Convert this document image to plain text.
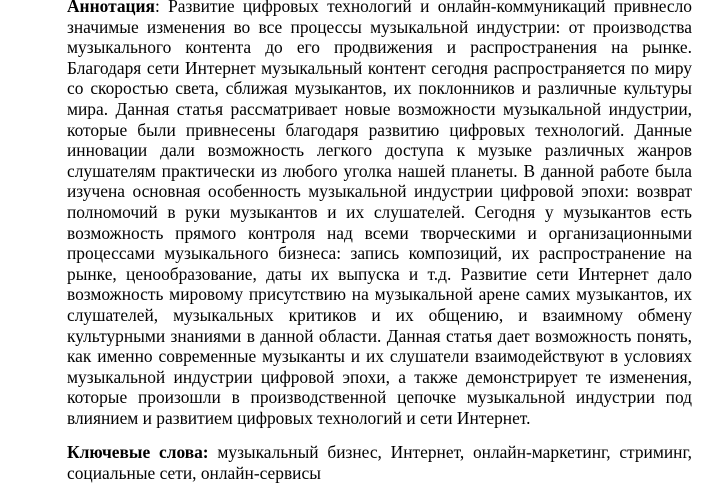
Аннотация: Развитие цифровых технологий и онлайн-коммуникаций привнесло значимые изменения во все процессы музыкальной индустрии: от производства музыкального контента до его продвижения и распространения на рынке. Благодаря сети Интернет музыкальный контент сегодня распространяется по миру со скоростью света, сближая музыкантов, их поклонников и различные культуры мира. Данная статья рассматривает новые возможности музыкальной индустрии, которые были привнесены благодаря развитию цифровых технологий. Данные инновации дали возможность легкого доступа к музыке различных жанров слушателям практически из любого уголка нашей планеты. В данной работе была изучена основная особенность музыкальной индустрии цифровой эпохи: возврат полномочий в руки музыкантов и их слушателей. Сегодня у музыкантов есть возможность прямого контроля над всеми творческими и организационными процессами музыкального бизнеса: запись композиций, их распространение на рынке, ценообразование, даты их выпуска и т.д. Развитие сети Интернет дало возможность мировому присутствию на музыкальной арене самих музыкантов, их слушателей, музыкальных критиков и их общению, и взаимному обмену культурными знаниями в данной области. Данная статья дает возможность понять, как именно современные музыканты и их слушатели взаимодействуют в условиях музыкальной индустрии цифровой эпохи, а также демонстрирует те изменения, которые произошли в производственной цепочке музыкальной индустрии под влиянием и развитием цифровых технологий и сети Интернет.

Ключевые слова: музыкальный бизнес, Интернет, онлайн-маркетинг, стриминг, социальные сети, онлайн-сервисы
